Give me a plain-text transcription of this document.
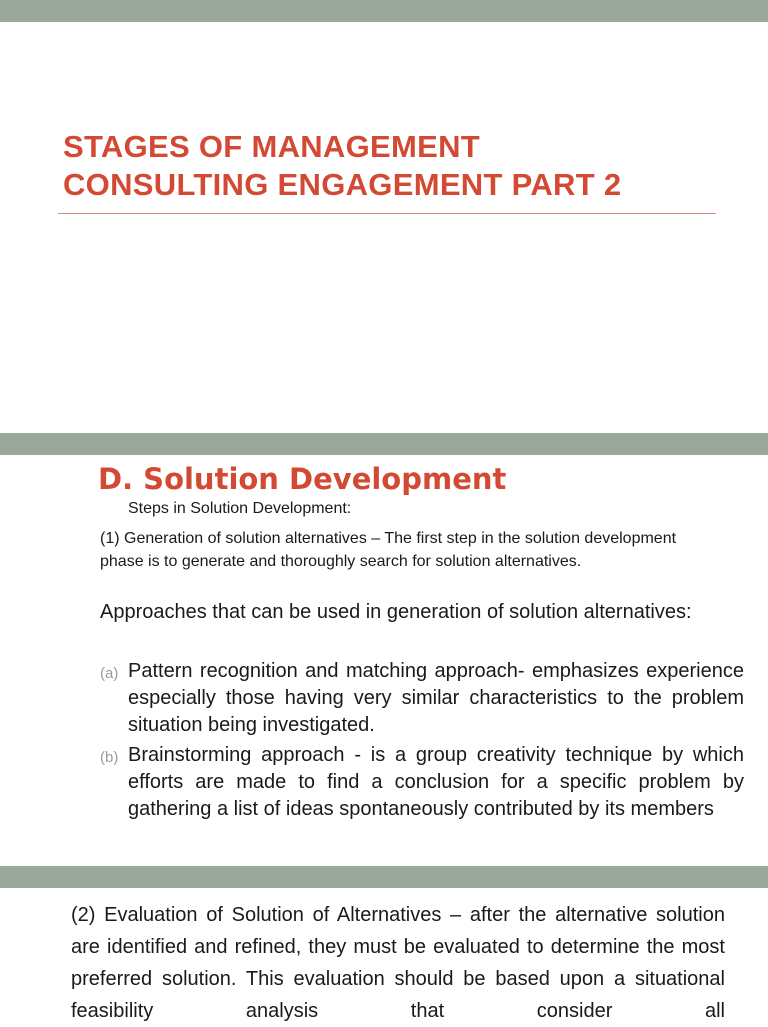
STAGES OF MANAGEMENT
CONSULTING ENGAGEMENT PART 2
D. Solution Development
Steps in Solution Development:
(1) Generation of solution alternatives – The first step in the solution development phase is to generate and thoroughly search for solution alternatives.
Approaches that can be used in generation of solution alternatives:
(a) Pattern recognition and matching approach- emphasizes experience especially those having very similar characteristics to the problem situation being investigated.
(b) Brainstorming approach - is a group creativity technique by which efforts are made to find a conclusion for a specific problem by gathering a list of ideas spontaneously contributed by its members
(2) Evaluation of Solution of Alternatives – after the alternative solution are identified and refined, they must be evaluated to determine the most preferred solution. This evaluation should be based upon a situational feasibility analysis that consider all
